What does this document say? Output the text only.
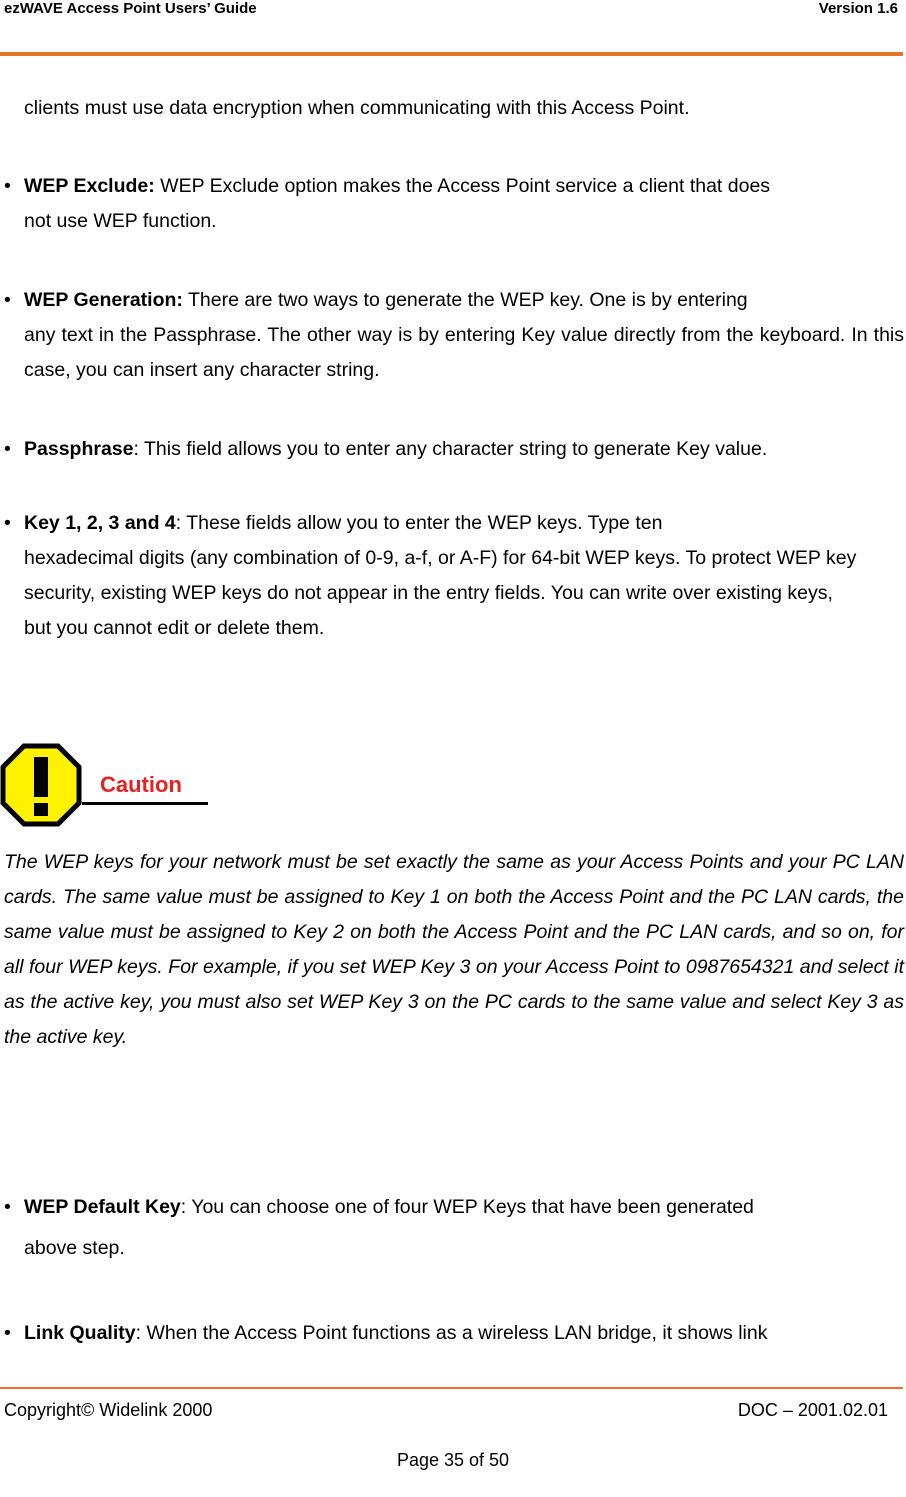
ezWAVE Access Point Users’ Guide	Version 1.6
clients must use data encryption when communicating with this Access Point.
• WEP Exclude: WEP Exclude option makes the Access Point service a client that does
not use WEP function.
• WEP Generation: There are two ways to generate the WEP key. One is by entering
any text in the Passphrase. The other way is by entering Key value directly from the keyboard. In this case, you can insert any character string.
• Passphrase: This field allows you to enter any character string to generate Key value.
• Key 1, 2, 3 and 4: These fields allow you to enter the WEP keys. Type ten
hexadecimal digits (any combination of 0-9, a-f, or A-F) for 64-bit WEP keys. To protect WEP key security, existing WEP keys do not appear in the entry fields. You can write over existing keys, but you cannot edit or delete them.
Caution
The WEP keys for your network must be set exactly the same as your Access Points and your PC LAN cards. The same value must be assigned to Key 1 on both the Access Point and the PC LAN cards, the same value must be assigned to Key 2 on both the Access Point and the PC LAN cards, and so on, for all four WEP keys. For example, if you set WEP Key 3 on your Access Point to 0987654321 and select it as the active key, you must also set WEP Key 3 on the PC cards to the same value and select Key 3 as the active key.
• WEP Default Key: You can choose one of four WEP Keys that have been generated
above step.
• Link Quality: When the Access Point functions as a wireless LAN bridge, it shows link
Copyright© Widelink 2000	DOC – 2001.02.01
Page 35 of 50
